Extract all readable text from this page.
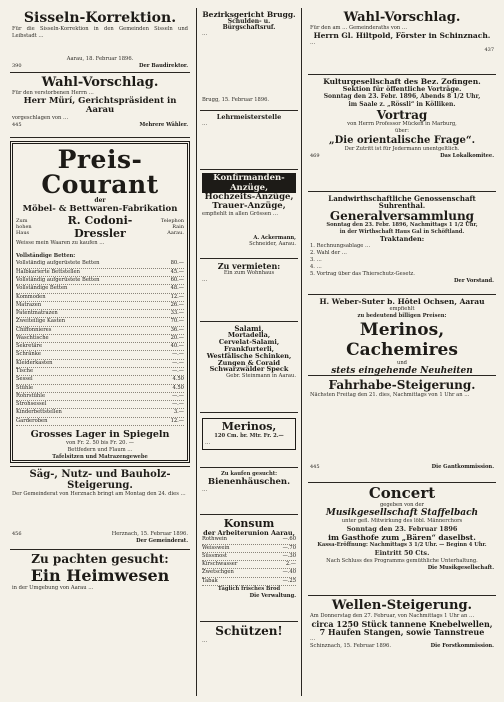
Sisseln-Korrektion.
Für die Sisseln-Korrektion in den Gemeinden Sisseln und Leibstadt …
Aarau, 18. Februar 1896.
390	Der Baudirektor.
Wahl-Vorschlag.
Für den verstorbenen Herrn …
Herr Mürí, Gerichtspräsident in Aarau
vorgeschlagen von …
445	Mehrere Wähler.
Preis-Courant
der
Möbel- & Bettwaren-Fabrikation
Zum hohen Haus
R. Codoni-Dressler
Telephon Rain Aarau.
Weisse mein Waaren zu kaufen …
Vollständige Betten:
Vollständig aufgerüstete Betten	80.—
Halbkarierte Bettstellen	45.—
Vollständig aufgerüstete Betten	60.—
Vollständige Betten	48.—
Kommoden	12.—
Matrazen	26.—
Patentmatrazen	33.—
Zweiteilige Kasten	70.—
Chiffonnieres	36.—
Waschtische	20.—
Sekretäre	40.—
Schränke	—.—
Kleiderkasten	—.—
Tische	—.—
Sessel	4.50
Stühle	4.50
Rohrstühle	—.—
Strohsessel	—.—
Kinderbettstellen	3.—
Garderoben	12.—
Grosses Lager in Spiegeln
von Fr. 2. 50 bis Fr. 20. —
Bettfedern und Flaum …
Tafelsitzen und Matrazengewebe
Säg-, Nutz- und Bauholz-Steigerung.
Der Gemeinderat von Herznach bringt am Montag den 24. dies …
456	Herznach, 15. Februar 1896.
Der Gemeinderat.
Zu pachten gesucht:
Ein Heimwesen
in der Umgebung von Aarau …
Bezirksgericht Brugg.
Schulden- u. Bürgschaftsruf.
…
Brugg, 15. Februar 1896.
Lehrmeisterstelle
…
Konfirmanden-Anzüge,
Hochzeits-Anzüge,
Trauer-Anzüge,
empfiehlt in allen Grössen …
A. Ackermann,
Schneider, Aarau.
Zu vermieten:
Ein zum Wohnhaus
…
Salami,
Mortadella,
Cervelat-Salami,
Frankfurterli,
Westfälische Schinken,
Zungen & Coraid
Schwarzwälder Speck
Gebr. Steinmann in Aarau.
Merinos,
120 Cm. br. Mtr. Fr. 2.—
…
Zu kaufen gesucht:
Bienenhäuschen.
…
Konsum
der Arbeiterunion Aarau,
Rothwein	—.60
Weisswein	—.70
Süssmost	—.30
Kirschwasser	2.—
Zwetschgen	—.40
Tabak	—.25
Täglich frisches Brod
Die Verwaltung.
Schützen!
…
Wahl-Vorschlag.
Für den am … Gemeinderaths von …
Herrn Gl. Hiltpold, Förster in Schinznach.
…
437
Kulturgesellschaft des Bez. Zofingen.
Sektion für öffentliche Vorträge.
Sonntag den 23. Febr. 1896, Abends 8 1/2 Uhr,
im Saale z. „Rössli“ in Kölliken.
Vortrag
von Herrn Professor Mücken in Marburg,
über:
„Die orientalische Frage“.
Der Zutritt ist für Jedermann unentgeltlich.
469	Das Lokalkomitee.
Landwirthschaftliche Genossenschaft Suhrenthal.
Generalversammlung
Sonntag den 23. Febr. 1896, Nachmittags 1 1/2 Uhr,
in der Wirthschaft Haus Gal in Schöftland.
Traktanden:
1. Rechnungsablage …
2. Wahl der …
3. …
4. …
5. Vortrag über das Thierschutz-Gesetz.
Der Vorstand.
H. Weber-Suter b. Hôtel Ochsen, Aarau
empfiehlt
zu bedeutend billigen Preisen:
Merinos, Cachemires
und
stets eingehende Neuheiten
Fahrhabe-Steigerung.
Nächsten Freitag den 21. dies, Nachmittags von 1 Uhr an …
445	Die Gantkommission.
Concert
gegeben von der
Musikgesellschaft Staffelbach
unter gefl. Mitwirkung des löbl. Männerchors
Sonntag den 23. Februar 1896
im Gasthofe zum „Bären“ daselbst.
Kassa-Eröffnung: Nachmittags 3 1/2 Uhr. — Beginn 4 Uhr.
Eintritt 50 Cts.
Nach Schluss des Programms gemüthliche Unterhaltung.
Die Musikgesellschaft.
Wellen-Steigerung.
Am Donnerstag den 27. Februar, von Nachmittags 1 Uhr an …
circa 1250 Stück tannene Knebelwellen,
7 Haufen Stangen, sowie Tannstreue
…
Schinznach, 15. Februar 1896.	Die Forstkommission.
